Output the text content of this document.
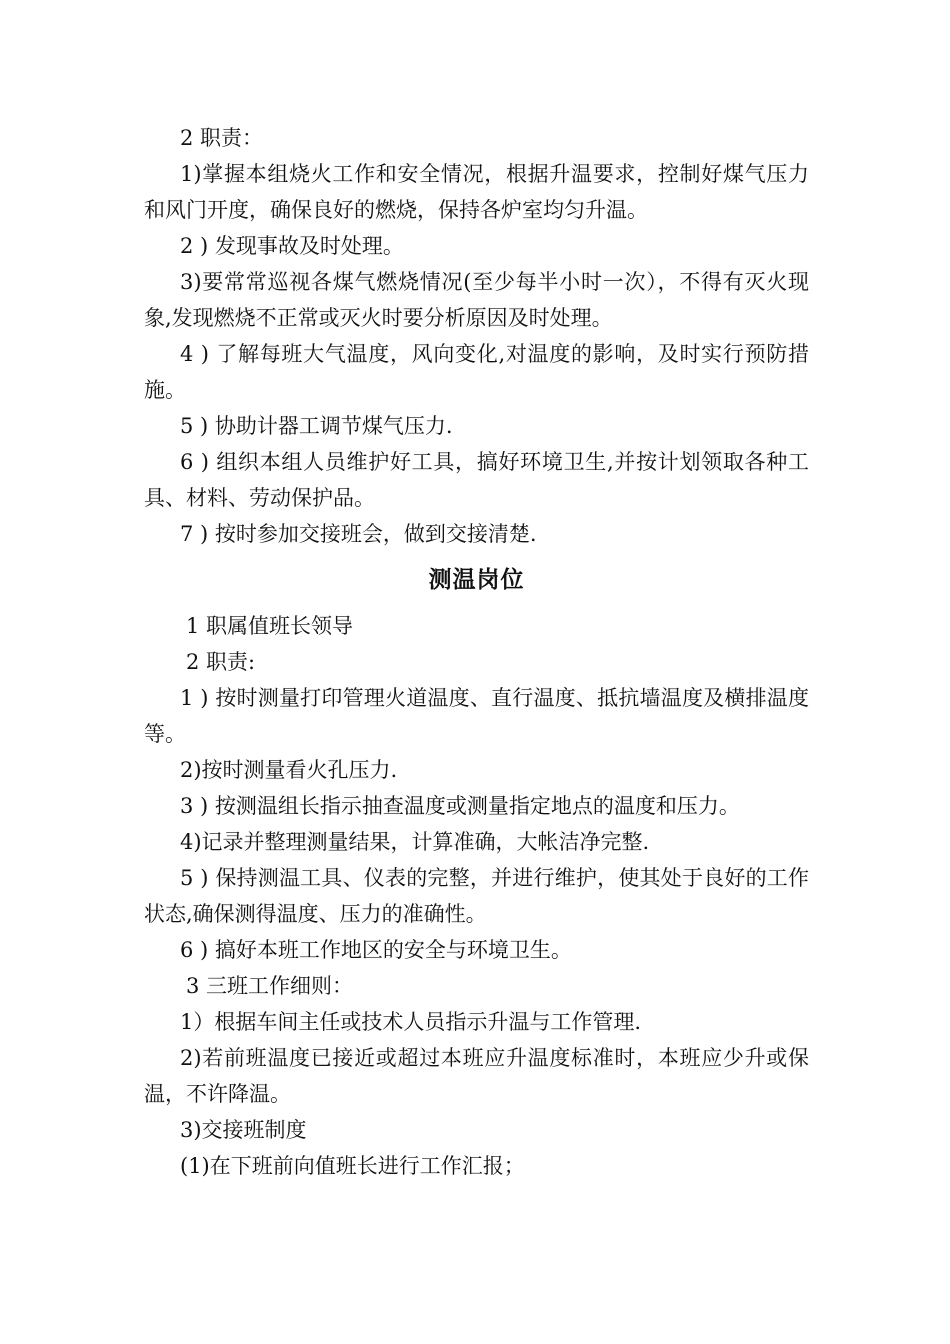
2 职责：

1)掌握本组烧火工作和安全情况，根据升温要求，控制好煤气压力和风门开度，确保良好的燃烧，保持各炉室均匀升温。

2 ) 发现事故及时处理。

3)要常常巡视各煤气燃烧情况(至少每半小时一次），不得有灭火现象,发现燃烧不正常或灭火时要分析原因及时处理。

4 ) 了解每班大气温度，风向变化,对温度的影响，及时实行预防措施。

5 ) 协助计器工调节煤气压力.

6 ) 组织本组人员维护好工具，搞好环境卫生,并按计划领取各种工具、材料、劳动保护品。

7 ) 按时参加交接班会，做到交接清楚.

测温岗位

1 职属值班长领导

2 职责:

1 ) 按时测量打印管理火道温度、直行温度、抵抗墙温度及横排温度等。

2)按时测量看火孔压力.

3 ) 按测温组长指示抽查温度或测量指定地点的温度和压力。

4)记录并整理测量结果，计算准确，大帐洁净完整.

5 ) 保持测温工具、仪表的完整，并进行维护，使其处于良好的工作状态,确保测得温度、压力的准确性。

6 ) 搞好本班工作地区的安全与环境卫生。

3 三班工作细则：

1）根据车间主任或技术人员指示升温与工作管理.

2)若前班温度已接近或超过本班应升温度标准时，本班应少升或保温，不许降温。

3)交接班制度

(1)在下班前向值班长进行工作汇报；
